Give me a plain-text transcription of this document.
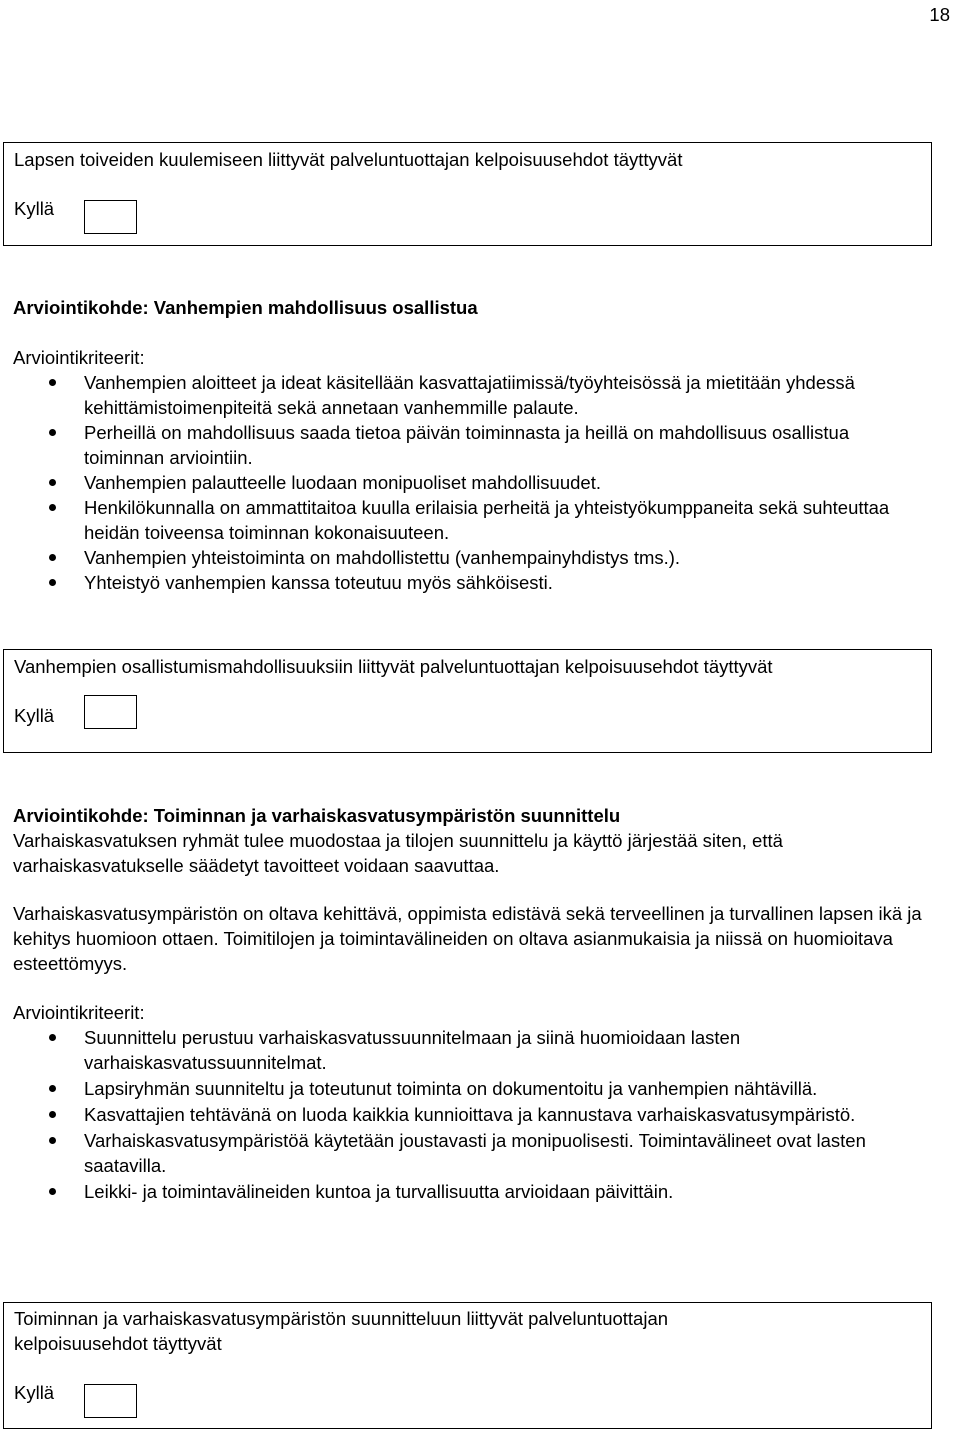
18
Lapsen toiveiden kuulemiseen liittyvät palveluntuottajan kelpoisuusehdot täyttyvät
Kyllä
Arviointikohde: Vanhempien mahdollisuus osallistua
Arviointikriteerit:
Vanhempien aloitteet ja ideat käsitellään kasvattajatiimissä/työyhteisössä ja mietitään yhdessä kehittämistoimenpiteitä sekä annetaan vanhemmille palaute.
Perheillä on mahdollisuus saada tietoa päivän toiminnasta ja heillä on mahdollisuus osallistua toiminnan arviointiin.
Vanhempien palautteelle luodaan monipuoliset mahdollisuudet.
Henkilökunnalla on ammattitaitoa kuulla erilaisia perheitä ja yhteistyökumppaneita sekä suhteuttaa heidän toiveensa toiminnan kokonaisuuteen.
Vanhempien yhteistoiminta on mahdollistettu (vanhempainyhdistys tms.).
Yhteistyö vanhempien kanssa toteutuu myös sähköisesti.
Vanhempien osallistumismahdollisuuksiin liittyvät palveluntuottajan kelpoisuusehdot täyttyvät
Kyllä
Arviointikohde: Toiminnan ja varhaiskasvatusympäristön suunnittelu
Varhaiskasvatuksen ryhmät tulee muodostaa ja tilojen suunnittelu ja käyttö järjestää siten, että varhaiskasvatukselle säädetyt tavoitteet voidaan saavuttaa.
Varhaiskasvatusympäristön on oltava kehittävä, oppimista edistävä sekä terveellinen ja turvallinen lapsen ikä ja kehitys huomioon ottaen. Toimitilojen ja toimintavälineiden on oltava asianmukaisia ja niissä on huomioitava esteettömyys.
Arviointikriteerit:
Suunnittelu perustuu varhaiskasvatussuunnitelmaan ja siinä huomioidaan lasten varhaiskasvatussuunnitelmat.
Lapsiryhmän suunniteltu ja toteutunut toiminta on dokumentoitu ja vanhempien nähtävillä.
Kasvattajien tehtävänä on luoda kaikkia kunnioittava ja kannustava varhaiskasvatusympäristö.
Varhaiskasvatusympäristöä käytetään joustavasti ja monipuolisesti. Toimintavälineet ovat lasten saatavilla.
Leikki- ja toimintavälineiden kuntoa ja turvallisuutta arvioidaan päivittäin.
Toiminnan ja varhaiskasvatusympäristön suunnitteluun liittyvät palveluntuottajan kelpoisuusehdot täyttyvät
Kyllä
